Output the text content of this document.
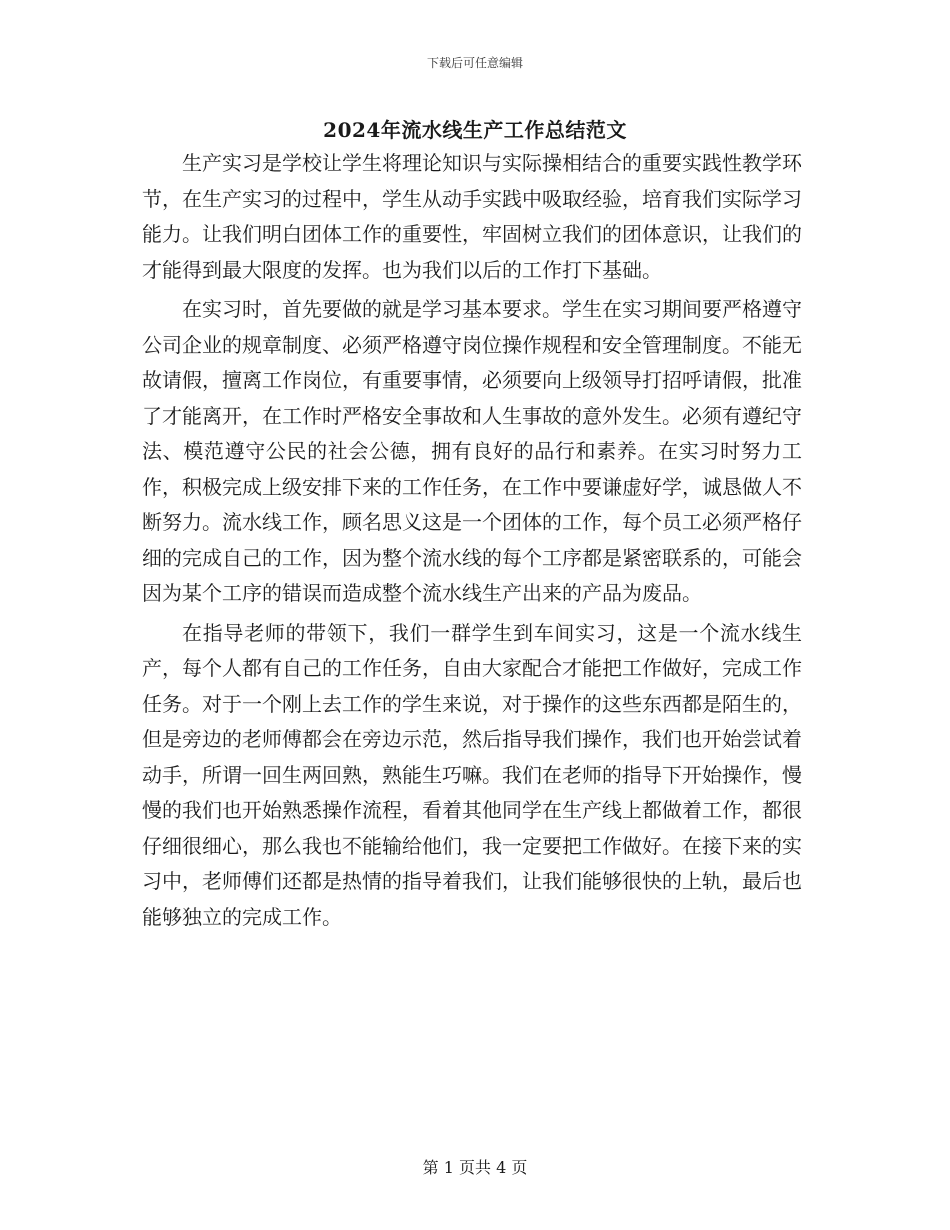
下载后可任意编辑
2024年流水线生产工作总结范文

生产实习是学校让学生将理论知识与实际操相结合的重要实践性教学环节，在生产实习的过程中，学生从动手实践中吸取经验，培育我们实际学习能力。让我们明白团体工作的重要性，牢固树立我们的团体意识，让我们的才能得到最大限度的发挥。也为我们以后的工作打下基础。

在实习时，首先要做的就是学习基本要求。学生在实习期间要严格遵守公司企业的规章制度、必须严格遵守岗位操作规程和安全管理制度。不能无故请假，擅离工作岗位，有重要事情，必须要向上级领导打招呼请假，批准了才能离开，在工作时严格安全事故和人生事故的意外发生。必须有遵纪守法、模范遵守公民的社会公德，拥有良好的品行和素养。在实习时努力工作，积极完成上级安排下来的工作任务，在工作中要谦虚好学，诚恳做人不断努力。流水线工作，顾名思义这是一个团体的工作，每个员工必须严格仔细的完成自己的工作，因为整个流水线的每个工序都是紧密联系的，可能会因为某个工序的错误而造成整个流水线生产出来的产品为废品。

在指导老师的带领下，我们一群学生到车间实习，这是一个流水线生产，每个人都有自己的工作任务，自由大家配合才能把工作做好，完成工作任务。对于一个刚上去工作的学生来说，对于操作的这些东西都是陌生的，但是旁边的老师傅都会在旁边示范，然后指导我们操作，我们也开始尝试着动手，所谓一回生两回熟，熟能生巧嘛。我们在老师的指导下开始操作，慢慢的我们也开始熟悉操作流程，看着其他同学在生产线上都做着工作，都很仔细很细心，那么我也不能输给他们，我一定要把工作做好。在接下来的实习中，老师傅们还都是热情的指导着我们，让我们能够很快的上轨，最后也能够独立的完成工作。

第 1 页共 4 页
